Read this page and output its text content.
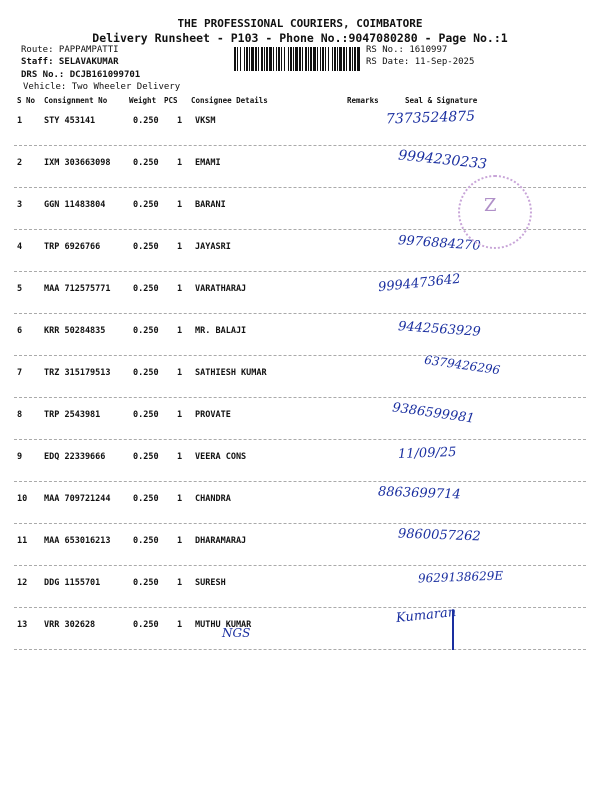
THE PROFESSIONAL COURIERS, COIMBATORE
Delivery Runsheet - P103 - Phone No.:9047080280 - Page No.:1
Route: PAPPAMPATTI
Staff: SELAVAKUMAR
DRS No.: DCJB161099701
Vehicle: Two Wheeler Delivery
RS No.: 1610997
RS Date: 11-Sep-2025
S No Consignment No	Weight PCS Consignee Details	Remarks	Seal & Signature
1	STY 453141	0.250 1 VKSM	7373524875
2	IXM 303663098	0.250 1 EMAMI	9994230233
3	GGN 11483804	0.250 1 BARANI
4	TRP 6926766	0.250 1 JAYASRI	9976884270
5	MAA 712575771	0.250 1 VARATHARAJ	9994473642
6	KRR 50284835	0.250 1 MR. BALAJI	9442563929
7	TRZ 315179513	0.250 1 SATHIESH KUMAR	6379426296
8	TRP 2543981	0.250 1 PROVATE	9386599981
9	EDQ 22339666	0.250 1 VEERA CONS	11/09/25
10 MAA 709721244	0.250 1 CHANDRA	8863699714
11 MAA 653016213	0.250 1 DHARAMARAJ	9860057262
12 DDG 1155701	0.250 1 SURESH	9629138629E
13 VRR 302628	0.250 1 MUTHU KUMAR	Kumaran
Z
NGS
